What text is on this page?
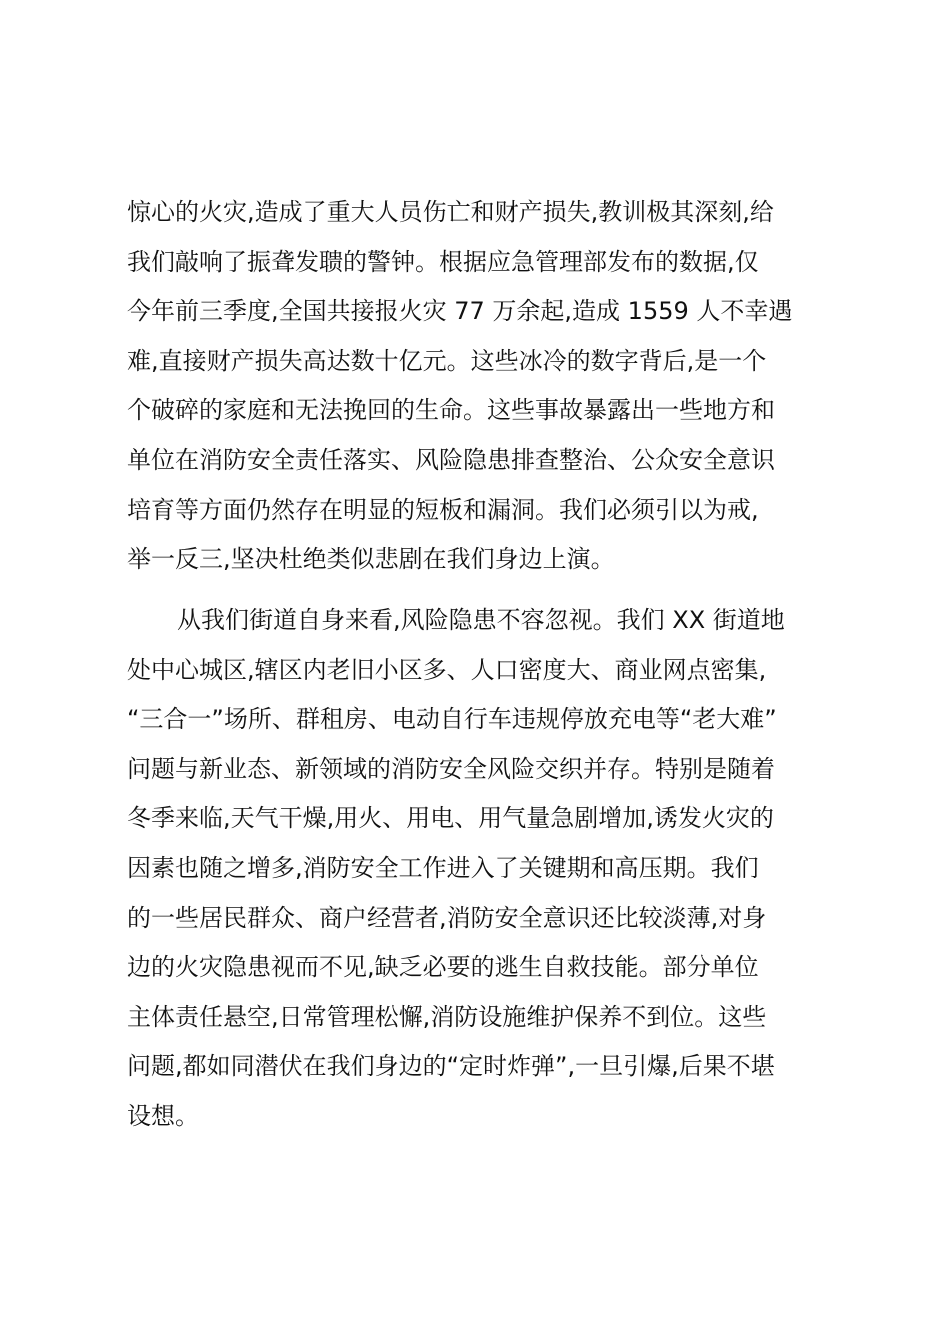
惊心的火灾,造成了重大人员伤亡和财产损失,教训极其深刻,给
我们敲响了振聋发聩的警钟。根据应急管理部发布的数据,仅
今年前三季度,全国共接报火灾 77 万余起,造成 1559 人不幸遇
难,直接财产损失高达数十亿元。这些冰冷的数字背后,是一个
个破碎的家庭和无法挽回的生命。这些事故暴露出一些地方和
单位在消防安全责任落实、风险隐患排查整治、公众安全意识
培育等方面仍然存在明显的短板和漏洞。我们必须引以为戒,
举一反三,坚决杜绝类似悲剧在我们身边上演。
从我们街道自身来看,风险隐患不容忽视。我们 XX 街道地
处中心城区,辖区内老旧小区多、人口密度大、商业网点密集,
“三合一”场所、群租房、电动自行车违规停放充电等“老大难”
问题与新业态、新领域的消防安全风险交织并存。特别是随着
冬季来临,天气干燥,用火、用电、用气量急剧增加,诱发火灾的
因素也随之增多,消防安全工作进入了关键期和高压期。我们
的一些居民群众、商户经营者,消防安全意识还比较淡薄,对身
边的火灾隐患视而不见,缺乏必要的逃生自救技能。部分单位
主体责任悬空,日常管理松懈,消防设施维护保养不到位。这些
问题,都如同潜伏在我们身边的“定时炸弹”,一旦引爆,后果不堪
设想。
